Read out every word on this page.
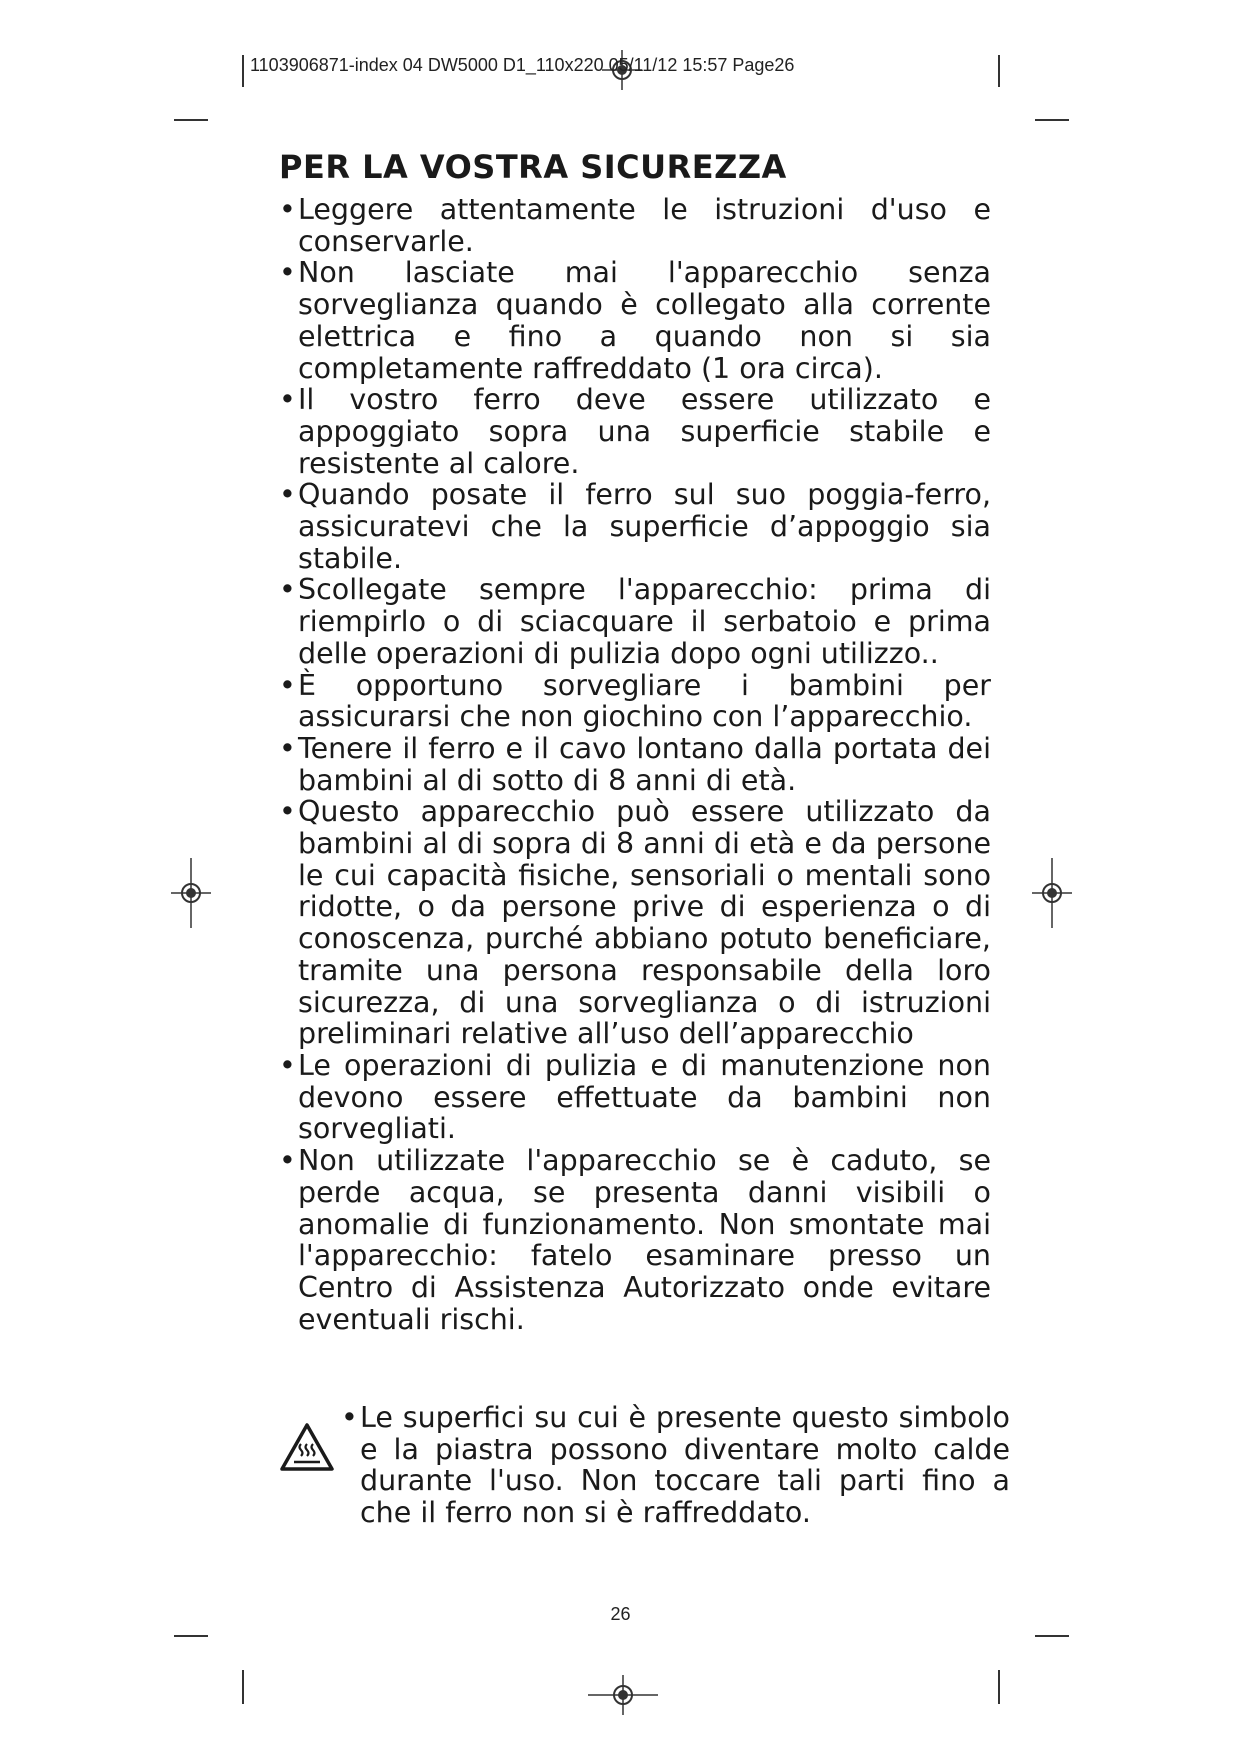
1103906871-index 04 DW5000 D1_110x220 05/11/12 15:57 Page26
PER LA VOSTRA SICUREZZA
• Leggere attentamente le istruzioni d'uso e conservarle.
• Non lasciate mai l'apparecchio senza sorveglianza quando è collegato alla corrente elettrica e fino a quando non si sia completamente raffreddato (1 ora circa).
• Il vostro ferro deve essere utilizzato e appoggiato sopra una superficie stabile e resistente al calore.
• Quando posate il ferro sul suo poggia-ferro, assicuratevi che la superficie d’appoggio sia stabile.
• Scollegate sempre l'apparecchio: prima di riempirlo o di sciacquare il serbatoio e prima delle operazioni di pulizia dopo ogni utilizzo..
• È opportuno sorvegliare i bambini per assicurarsi che non giochino con l’apparecchio.
• Tenere il ferro e il cavo lontano dalla portata dei bambini al di sotto di 8 anni di età.
• Questo apparecchio può essere utilizzato da bambini al di sopra di 8 anni di età e da persone le cui capacità fisiche, sensoriali o mentali sono ridotte, o da persone prive di esperienza o di conoscenza, purché abbiano potuto beneficiare, tramite una persona responsabile della loro sicurezza, di una sorveglianza o di istruzioni preliminari relative all’uso dell’apparecchio
• Le operazioni di pulizia e di manutenzione non devono essere effettuate da bambini non sorvegliati.
• Non utilizzate l'apparecchio se è caduto, se perde acqua, se presenta danni visibili o anomalie di funzionamento. Non smontate mai l'apparecchio: fatelo esaminare presso un Centro di Assistenza Autorizzato onde evitare eventuali rischi.
• Le superfici su cui è presente questo simbolo e la piastra possono diventare molto calde durante l'uso. Non toccare tali parti fino a che il ferro non si è raffreddato.
26
